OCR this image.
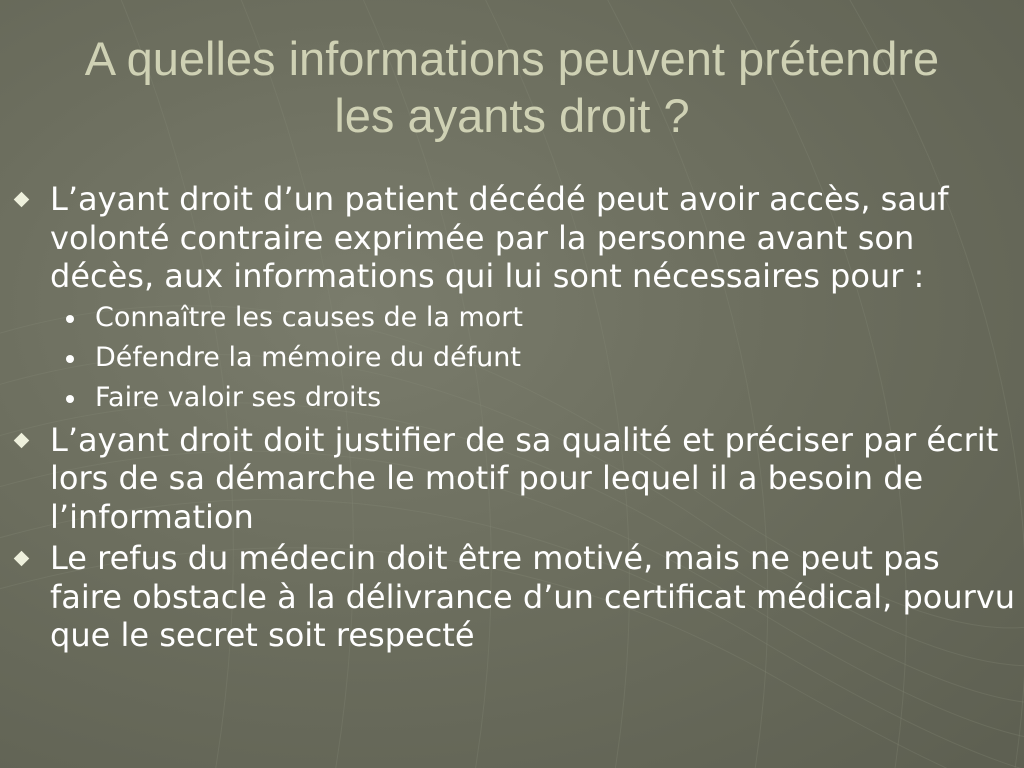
A quelles informations peuvent prétendre les ayants droit ?
L’ayant droit d’un patient décédé peut avoir accès, sauf volonté contraire exprimée par la personne avant son décès, aux informations qui lui sont nécessaires pour :
Connaître les causes de la mort
Défendre la mémoire du défunt
Faire valoir ses droits
L’ayant droit doit justifier de sa qualité et préciser par écrit lors de sa démarche le motif pour lequel il a besoin de l’information
Le refus du médecin doit être motivé, mais ne peut pas faire obstacle à la délivrance d’un certificat médical, pourvu que le secret soit respecté
